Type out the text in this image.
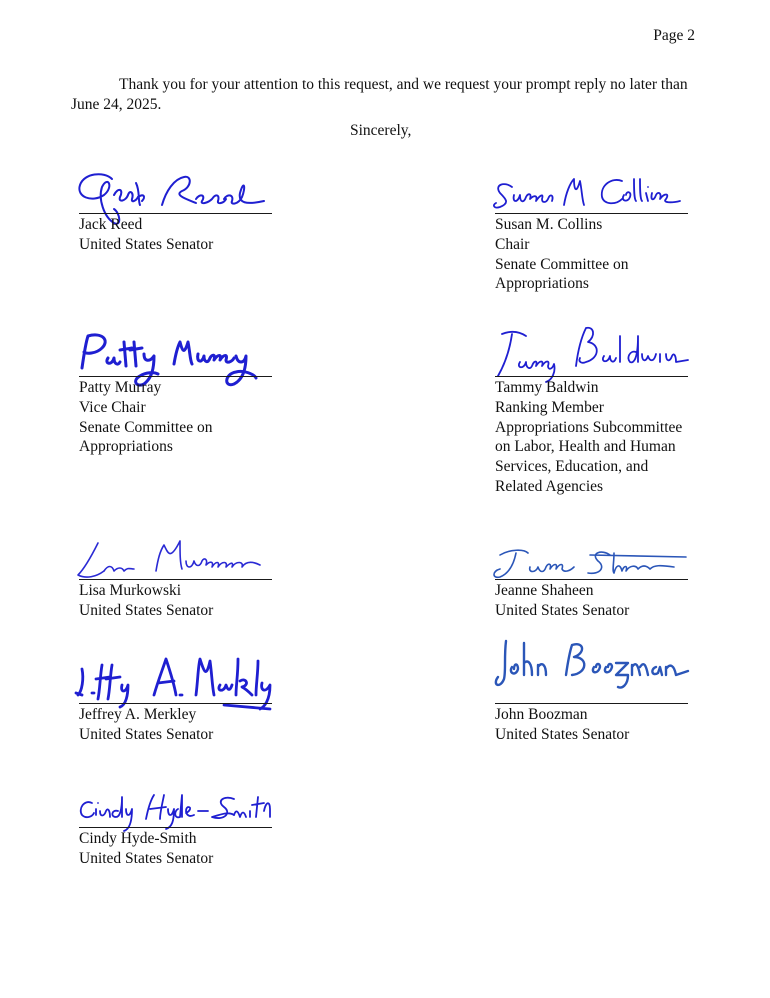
Page 2
Thank you for your attention to this request, and we request your prompt reply no later than June 24, 2025.
Sincerely,
Jack Reed
United States Senator
Susan M. Collins
Chair
Senate Committee on
Appropriations
Patty Murray
Vice Chair
Senate Committee on
Appropriations
Tammy Baldwin
Ranking Member
Appropriations Subcommittee
on Labor, Health and Human
Services, Education, and
Related Agencies
Lisa Murkowski
United States Senator
Jeanne Shaheen
United States Senator
Jeffrey A. Merkley
United States Senator
John Boozman
United States Senator
Cindy Hyde-Smith
United States Senator
